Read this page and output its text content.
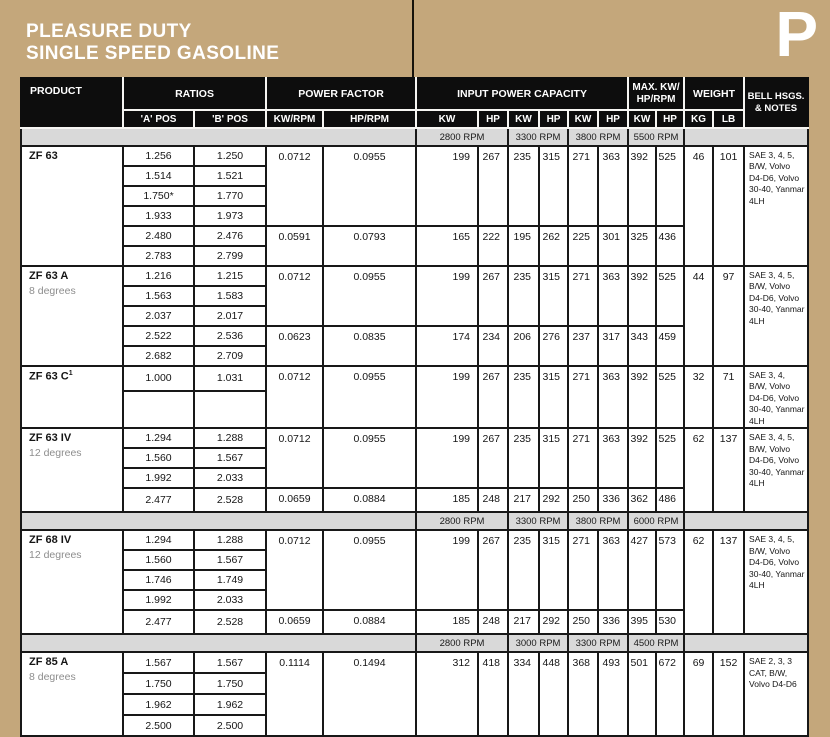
PLEASURE DUTY
SINGLE SPEED GASOLINE	P
PRODUCT	RATIOS		POWER FACTOR		INPUT POWER CAPACITY						MAX. KW/ HP/RPM		WEIGHT		BELL HSGS. & NOTES
	'A' POS	'B' POS	KW/RPM	HP/RPM	KW	HP	KW	HP	KW	HP	KW	HP	KG	LB	
					2800 RPM		3300 RPM		3800 RPM		5500 RPM				

ZF 63	1.256	1.250	0.0712	0.0955	199	267	235	315	271	363	392	525	46	101	SAE 3, 4, 5, B/W, Volvo D4-D6, Volvo 30-40, Yanmar 4LH
	1.514	1.521													
	1.750*	1.770													
	1.933	1.973													
	2.480	2.476	0.0591	0.0793	165	222	195	262	225	301	325	436			
	2.783	2.799													

ZF 63 A
8 degrees	1.216	1.215	0.0712	0.0955	199	267	235	315	271	363	392	525	44	97	SAE 3, 4, 5, B/W, Volvo D4-D6, Volvo 30-40, Yanmar 4LH
	1.563	1.583													
	2.037	2.017													
	2.522	2.536	0.0623	0.0835	174	234	206	276	237	317	343	459			
	2.682	2.709													

ZF 63 $C^1$	1.000	1.031	0.0712	0.0955	199	267	235	315	271	363	392	525	32	71	SAE 3, 4, B/W, Volvo D4-D6, Volvo 30-40, Yanmar 4LH

ZF 63 IV
12 degrees	1.294	1.288	0.0712	0.0955	199	267	235	315	271	363	392	525	62	137	SAE 3, 4, 5, B/W, Volvo D4-D6, Volvo 30-40, Yanmar 4LH
	1.560	1.567													
	1.992	2.033													
	2.477	2.528	0.0659	0.0884	185	248	217	292	250	336	362	486			
					2800 RPM		3300 RPM		3800 RPM		6000 RPM				

ZF 68 IV
12 degrees	1.294	1.288	0.0712	0.0955	199	267	235	315	271	363	427	573	62	137	SAE 3, 4, 5, B/W, Volvo D4-D6, Volvo 30-40, Yanmar 4LH
	1.560	1.567													
	1.746	1.749													
	1.992	2.033													
	2.477	2.528	0.0659	0.0884	185	248	217	292	250	336	395	530			
					2800 RPM		3000 RPM		3300 RPM		4500 RPM				

ZF 85 A
8 degrees	1.567	1.567	0.1114	0.1494	312	418	334	448	368	493	501	672	69	152	SAE 2, 3, 3 CAT, B/W, Volvo D4-D6
	1.750	1.750													
	1.962	1.962													
	2.500	2.500													
